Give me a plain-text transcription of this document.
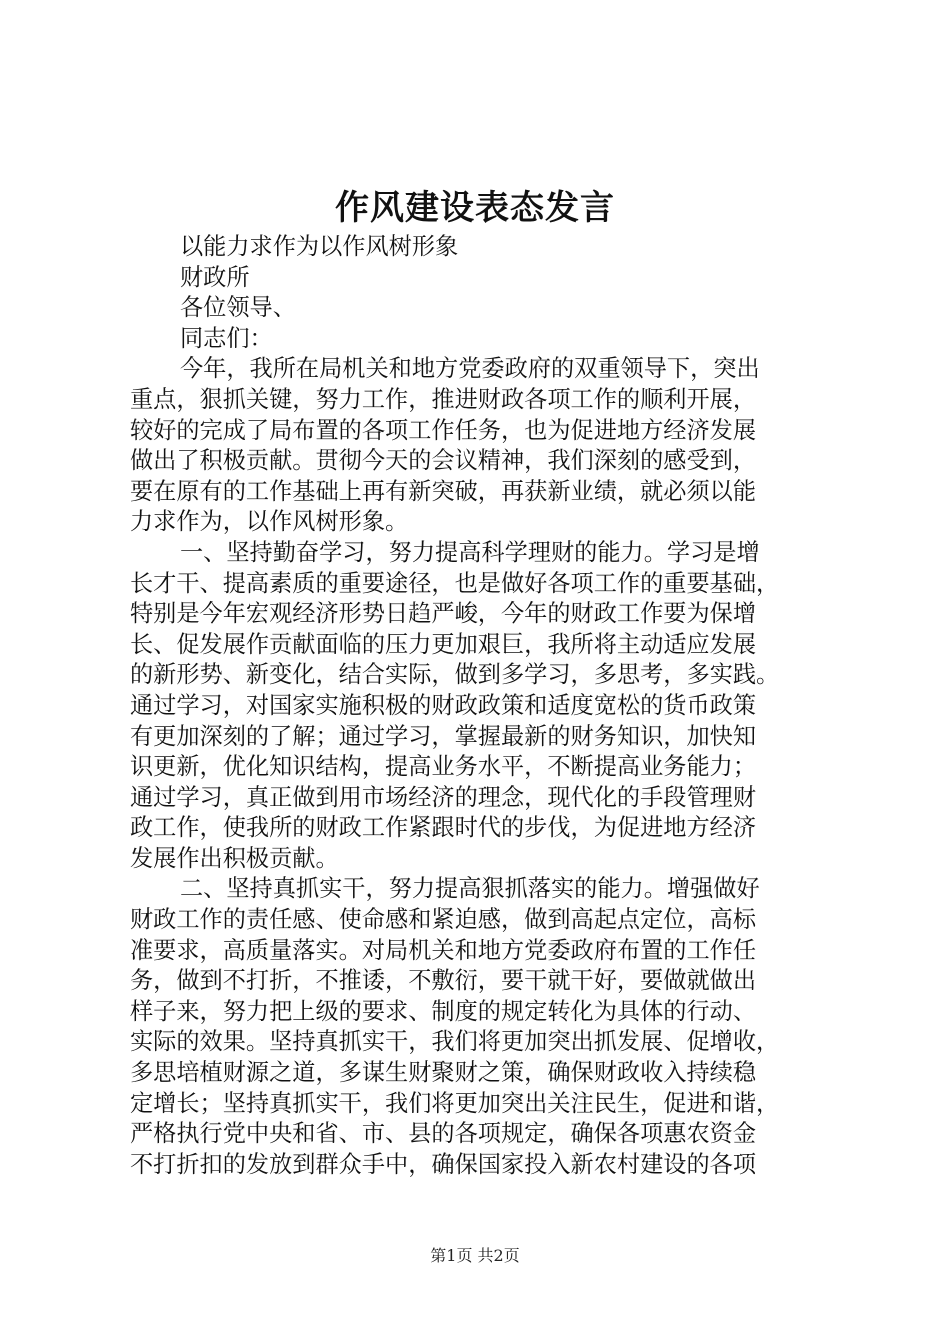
作风建设表态发言
以能力求作为以作风树形象
财政所
各位领导、
同志们：
今年，我所在局机关和地方党委政府的双重领导下，突出
重点，狠抓关键，努力工作，推进财政各项工作的顺利开展，
较好的完成了局布置的各项工作任务，也为促进地方经济发展
做出了积极贡献。贯彻今天的会议精神，我们深刻的感受到，
要在原有的工作基础上再有新突破，再获新业绩，就必须以能
力求作为，以作风树形象。
一、坚持勤奋学习，努力提高科学理财的能力。学习是增
长才干、提高素质的重要途径，也是做好各项工作的重要基础，
特别是今年宏观经济形势日趋严峻，今年的财政工作要为保增
长、促发展作贡献面临的压力更加艰巨，我所将主动适应发展
的新形势、新变化，结合实际，做到多学习，多思考，多实践。
通过学习，对国家实施积极的财政政策和适度宽松的货币政策
有更加深刻的了解；通过学习，掌握最新的财务知识，加快知
识更新，优化知识结构，提高业务水平，不断提高业务能力；
通过学习，真正做到用市场经济的理念，现代化的手段管理财
政工作，使我所的财政工作紧跟时代的步伐，为促进地方经济
发展作出积极贡献。
二、坚持真抓实干，努力提高狠抓落实的能力。增强做好
财政工作的责任感、使命感和紧迫感，做到高起点定位，高标
准要求，高质量落实。对局机关和地方党委政府布置的工作任
务，做到不打折，不推诿，不敷衍，要干就干好，要做就做出
样子来，努力把上级的要求、制度的规定转化为具体的行动、
实际的效果。坚持真抓实干，我们将更加突出抓发展、促增收，
多思培植财源之道，多谋生财聚财之策，确保财政收入持续稳
定增长；坚持真抓实干，我们将更加突出关注民生，促进和谐，
严格执行党中央和省、市、县的各项规定，确保各项惠农资金
不打折扣的发放到群众手中，确保国家投入新农村建设的各项
第1页 共2页
